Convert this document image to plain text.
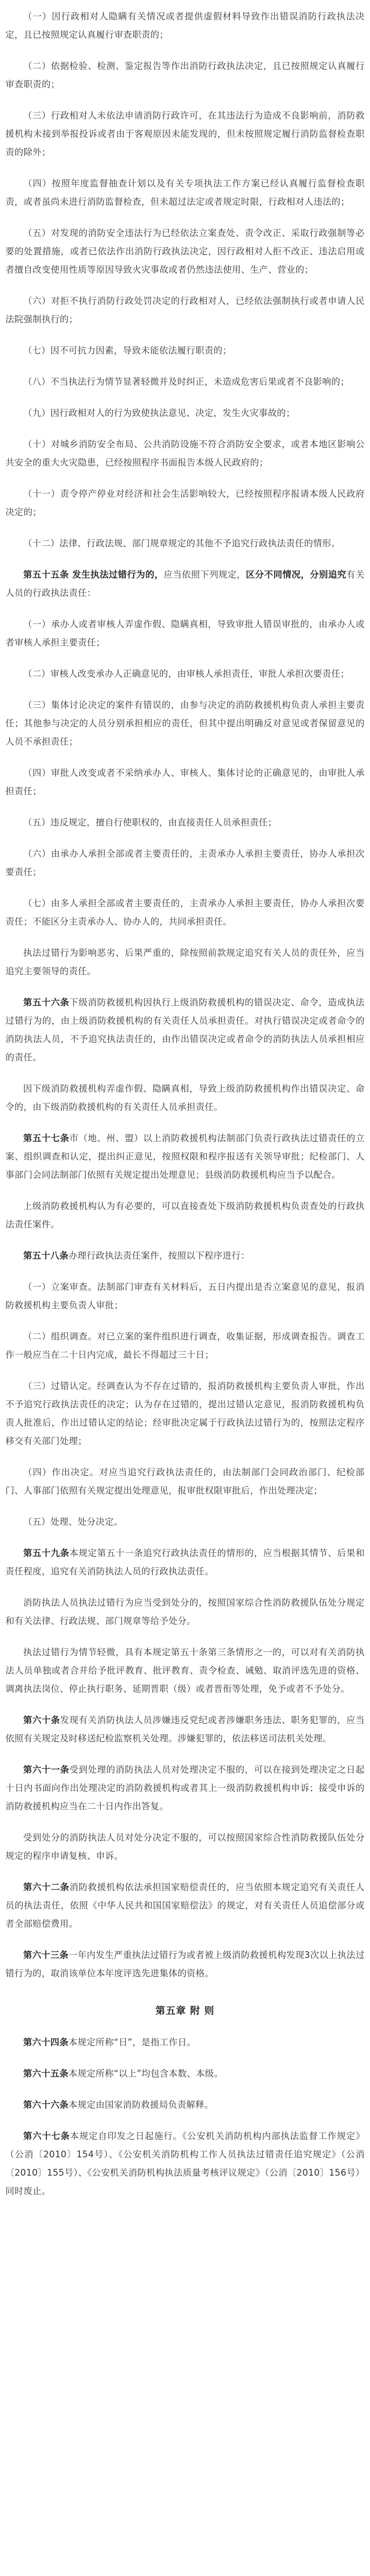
（一）因行政相对人隐瞒有关情况或者提供虚假材料导致作出错误消防行政执法决定，且已按照规定认真履行审查职责的；

（二）依据检验、检测、鉴定报告等作出消防行政执法决定，且已按照规定认真履行审查职责的；

（三）行政相对人未依法申请消防行政许可，在其违法行为造成不良影响前，消防救援机构未接到举报投诉或者由于客观原因未能发现的，但未按照规定履行消防监督检查职责的除外；

（四）按照年度监督抽查计划以及有关专项执法工作方案已经认真履行监督检查职责，或者虽尚未进行消防监督检查，但未超过法定或者规定时限，行政相对人违法的；

（五）对发现的消防安全违法行为已经依法立案查处、责令改正、采取行政强制等必要的处置措施，或者已依法作出消防行政执法决定，因行政相对人拒不改正、违法启用或者擅自改变使用性质等原因导致火灾事故或者仍然违法使用、生产、营业的；

（六）对拒不执行消防行政处罚决定的行政相对人，已经依法强制执行或者申请人民法院强制执行的；

（七）因不可抗力因素，导致未能依法履行职责的；

（八）不当执法行为情节显著轻微并及时纠正，未造成危害后果或者不良影响的；

（九）因行政相对人的行为致使执法意见、决定，发生火灾事故的；

（十）对城乡消防安全布局、公共消防设施不符合消防安全要求，或者本地区影响公共安全的重大火灾隐患，已经按照程序书面报告本级人民政府的；

（十一）责令停产停业对经济和社会生活影响较大，已经按照程序报请本级人民政府决定的；

（十二）法律、行政法规、部门规章规定的其他不予追究行政执法责任的情形。

第五十五条 发生执法过错行为的，应当依照下列规定，区分不同情况，分别追究有关人员的行政执法责任：

（一）承办人或者审核人弄虚作假、隐瞒真相，导致审批人错误审批的，由承办人或者审核人承担主要责任；

（二）审核人改变承办人正确意见的，由审核人承担责任，审批人承担次要责任；

（三）集体讨论决定的案件有错误的，由参与决定的消防救援机构负责人承担主要责任；其他参与决定的人员分别承担相应的责任，但其中提出明确反对意见或者保留意见的人员不承担责任；

（四）审批人改变或者不采纳承办人、审核人、集体讨论的正确意见的，由审批人承担责任；

（五）违反规定，擅自行使职权的，由直接责任人员承担责任；

（六）由承办人承担全部或者主要责任的，主责承办人承担主要责任，协办人承担次要责任；

（七）由多人承担全部或者主要责任的，主责承办人承担主要责任，协办人承担次要责任；不能区分主责承办人、协办人的，共同承担责任。

执法过错行为影响恶劣、后果严重的，除按照前款规定追究有关人员的责任外，应当追究主要领导的责任。

第五十六条下级消防救援机构因执行上级消防救援机构的错误决定、命令，造成执法过错行为的，由上级消防救援机构的有关责任人员承担责任。对执行错误决定或者命令的消防执法人员，不予追究执法责任的，由作出错误决定或者命令的消防执法人员承担相应的责任。

因下级消防救援机构弄虚作假、隐瞒真相，导致上级消防救援机构作出错误决定、命令的，由下级消防救援机构的有关责任人员承担责任。

第五十七条市（地、州、盟）以上消防救援机构法制部门负责行政执法过错责任的立案、组织调查和认定，提出纠正意见，按照权限和程序报送有关领导审批；纪检部门、人事部门会同法制部门依照有关规定提出处理意见；县级消防救援机构应当予以配合。

上级消防救援机构认为有必要的，可以直接查处下级消防救援机构负责查处的行政执法责任案件。

第五十八条办理行政执法责任案件，按照以下程序进行：

（一）立案审查。法制部门审查有关材料后，五日内提出是否立案意见的意见，报消防救援机构主要负责人审批；

（二）组织调查。对已立案的案件组织进行调查，收集证据，形成调查报告。调查工作一般应当在二十日内完成，最长不得超过三十日；

（三）过错认定。经调查认为不存在过错的，报消防救援机构主要负责人审批，作出不予追究行政执法责任的决定；认为存在过错的，提出过错认定意见，报消防救援机构负责人批准后，作出过错认定的结论；经审批决定属于行政执法过错行为的，按照法定程序移交有关部门处理；

（四）作出决定。对应当追究行政执法责任的，由法制部门会同政治部门、纪检部门、人事部门依照有关规定提出处理意见，报审批权限审批后，作出处理决定；

（五）处理、处分决定。

第五十九条本规定第五十一条追究行政执法责任的情形的，应当根据其情节、后果和责任程度，追究有关消防执法人员的行政执法责任。

消防执法人员执法过错行为应当受到处分的，按照国家综合性消防救援队伍处分规定和有关法律、行政法规、部门规章等给予处分。

执法过错行为情节轻微，具有本规定第五十条第三条情形之一的，可以对有关消防执法人员单独或者合并给予批评教育、批评教育、责令检查、诫勉、取消评选先进的资格、调离执法岗位、停止执行职务、延期晋职（级）或者晋衔等处理，免予或者不予处分。

第六十条发现有关消防执法人员涉嫌违反党纪或者涉嫌职务违法、职务犯罪的，应当依照有关规定及时移送纪检监察机关处理。涉嫌犯罪的，依法移送司法机关处理。

第六十一条受到处理的消防执法人员对处理决定不服的，可以在接到处理决定之日起十日内书面向作出处理决定的消防救援机构或者其上一级消防救援机构申诉；接受申诉的消防救援机构应当在二十日内作出答复。

受到处分的消防执法人员对处分决定不服的，可以按照国家综合性消防救援队伍处分规定的程序申请复核、申诉。

第六十二条消防救援机构依法承担国家赔偿责任的，应当依照本规定追究有关责任人员的执法责任，依照《中华人民共和国国家赔偿法》的规定，对有关责任人员追偿部分或者全部赔偿费用。

第六十三条一年内发生严重执法过错行为或者被上级消防救援机构发现3次以上执法过错行为的，取消该单位本年度评选先进集体的资格。

第五章 附 则

第六十四条本规定所称“日”，是指工作日。

第六十五条本规定所称“以上”均包含本数、本级。

第六十六条本规定由国家消防救援局负责解释。

第六十七条本规定自印发之日起施行。《公安机关消防机构内部执法监督工作规定》（公消〔2010〕154号）、《公安机关消防机构工作人员执法过错责任追究规定》（公消〔2010〕155号）、《公安机关消防机构执法质量考核评议规定》（公消〔2010〕156号）同时废止。
